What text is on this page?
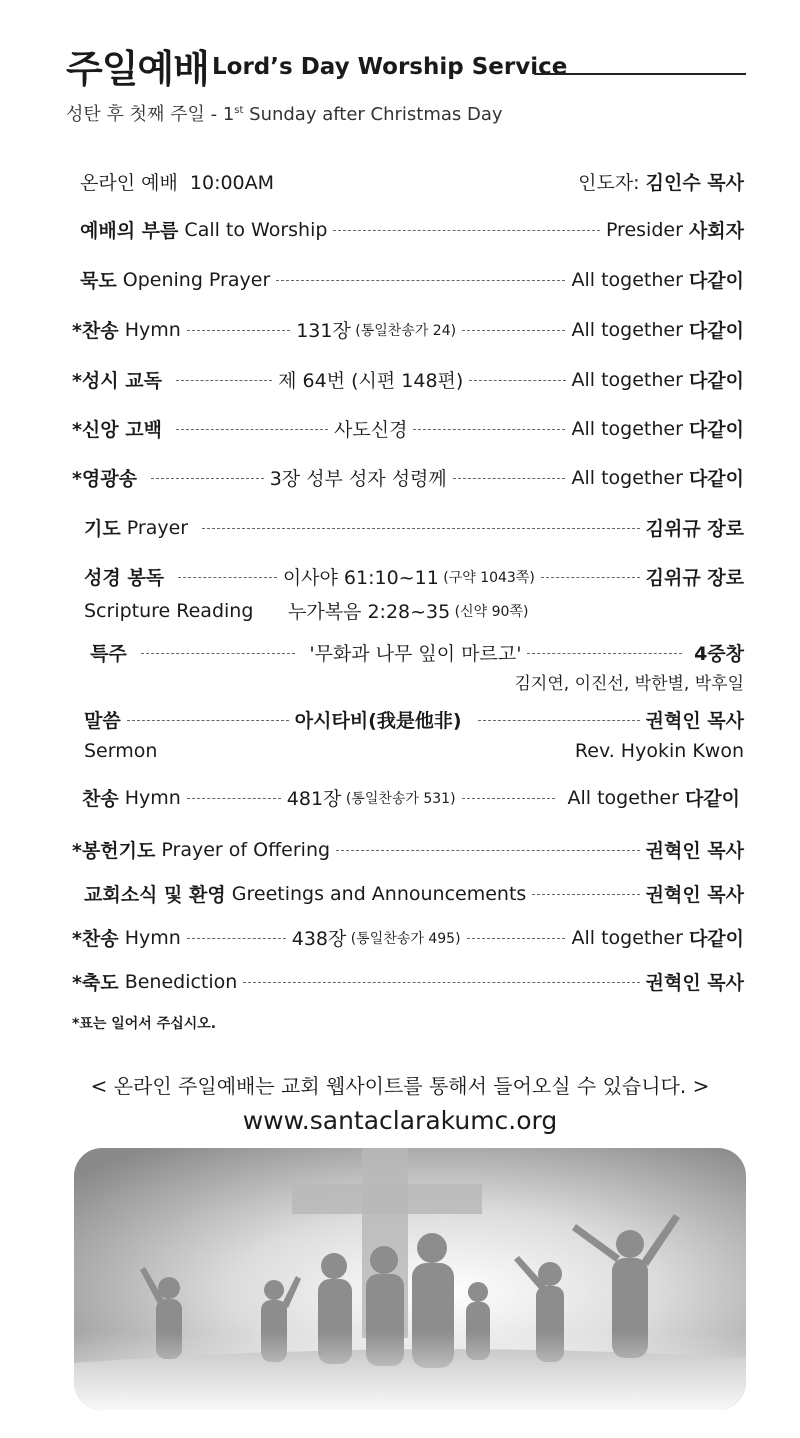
주일예배 Lord’s Day Worship Service
성탄 후 첫째 주일 - 1st Sunday after Christmas Day
온라인 예배  10:00AM	인도자: 김인수 목사
예배의 부름 Call to Worship	Presider 사회자
묵도 Opening Prayer	All together 다같이
*찬송 Hymn	131장 (통일찬송가 24)	All together 다같이
*성시 교독	제 64번 (시편 148편)	All together 다같이
*신앙 고백	사도신경	All together 다같이
*영광송	3장 성부 성자 성령께	All together 다같이
기도 Prayer	김위규 장로
성경 봉독	이사야 61:10~11 (구약 1043쪽)	김위규 장로
Scripture Reading	누가복음 2:28~35 (신약 90쪽)
특주	'무화과 나무 잎이 마르고'	4중창
김지연, 이진선, 박한별, 박후일
말씀	아시타비(我是他非)	권혁인 목사
Sermon	Rev. Hyokin Kwon
찬송 Hymn	481장 (통일찬송가 531)	All together 다같이
*봉헌기도 Prayer of Offering	권혁인 목사
교회소식 및 환영 Greetings and Announcements	권혁인 목사
*찬송 Hymn	438장 (통일찬송가 495)	All together 다같이
*축도 Benediction	권혁인 목사
*표는 일어서 주십시오.
< 온라인 주일예배는 교회 웹사이트를 통해서 들어오실 수 있습니다. >
www.santaclarakumc.org
